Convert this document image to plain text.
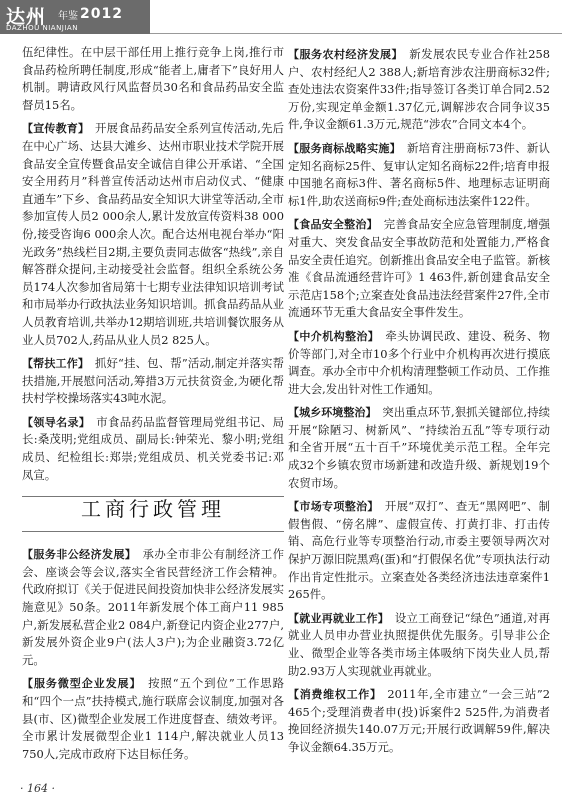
达州 年鉴 2012
DAZHOU NIANJIAN
伍纪律性。在中层干部任用上推行竞争上岗,推行市食品药检所聘任制度,形成“能者上,庸者下”良好用人机制。聘请政风行风监督员30名和食品药品安全监督员15名。
【宣传教育】  开展食品药品安全系列宣传活动,先后在中心广场、达县大滩乡、达州市职业技术学院开展食品安全宣传暨食品安全诚信自律公开承诺、“全国安全用药月”科普宣传活动达州市启动仪式、“健康直通车”下乡、食品药品安全知识大讲堂等活动,全市参加宣传人员2 000余人,累计发放宣传资料38 000份,接受咨询6 000余人次。配合达州电视台举办“阳光政务”热线栏目2期,主要负责同志做客“热线”,亲自解答群众提问,主动接受社会监督。组织全系统公务员174人次参加省局第十七期专业法律知识培训考试和市局举办行政执法业务知识培训。抓食品药品从业人员教育培训,共举办12期培训班,共培训餐饮服务从业人员702人,药品从业人员2 825人。
【帮扶工作】  抓好“挂、包、帮”活动,制定并落实帮扶措施,开展慰问活动,筹措3万元扶贫资金,为硬化帮扶村学校操场落实43吨水泥。
【领导名录】  市食品药品监督管理局党组书记、局长:桑茂明;党组成员、副局长:钟荣光、黎小明;党组成员、纪检组长:郑崇;党组成员、机关党委书记:邓凤宣。
工商行政管理
【服务非公经济发展】  承办全市非公有制经济工作会、座谈会等会议,落实全省民营经济工作会精神。代政府拟订《关于促进民间投资加快非公经济发展实施意见》50条。2011年新发展个体工商户11 985户,新发展私营企业2 084户,新登记内资企业277户,新发展外资企业9户(法人3户);为企业融资3.72亿元。
【服务微型企业发展】  按照“五个到位”工作思路和“四个一点”扶持模式,施行联席会议制度,加强对各县(市、区)微型企业发展工作进度督查、绩效考评。全市累计发展微型企业1 114户,解决就业人员13 750人,完成市政府下达目标任务。
【服务农村经济发展】  新发展农民专业合作社258户、农村经纪人2 388人;新培育涉农注册商标32件;查处违法农资案件33件;指导签订各类订单合同2.52万份,实现定单金额1.37亿元,调解涉农合同争议35件,争议金额61.3万元,规范“涉农”合同文本4个。
【服务商标战略实施】  新培育注册商标73件、新认定知名商标25件、复审认定知名商标22件;培育申报中国驰名商标3件、著名商标5件、地理标志证明商标1件,助农送商标9件;查处商标违法案件122件。
【食品安全整治】  完善食品安全应急管理制度,增强对重大、突发食品安全事故防范和处置能力,严格食品安全责任追究。创新推出食品安全电子监管。新核准《食品流通经营许可》1 463件,新创建食品安全示范店158个;立案查处食品违法经营案件27件,全市流通环节无重大食品安全事件发生。
【中介机构整治】  牵头协调民政、建设、税务、物价等部门,对全市10多个行业中介机构再次进行摸底调查。承办全市中介机构清理整顿工作动员、工作推进大会,发出针对性工作通知。
【城乡环境整治】  突出重点环节,狠抓关键部位,持续开展“除陋习、树新风”、“持续治五乱”等专项行动和全省开展“五十百千”环境优美示范工程。全年完成32个乡镇农贸市场新建和改造升级、新规划19个农贸市场。
【市场专项整治】  开展“双打”、查无“黑网吧”、制假售假、“傍名牌”、虚假宣传、打黄打非、打击传销、高危行业等专项整治行动,市委主要领导两次对保护万源旧院黑鸡(蛋)和“打假保名优”专项执法行动作出肯定性批示。立案查处各类经济违法违章案件1 265件。
【就业再就业工作】  设立工商登记“绿色”通道,对再就业人员申办营业执照提供优先服务。引导非公企业、微型企业等各类市场主体吸纳下岗失业人员,帮助2.93万人实现就业再就业。
【消费维权工作】  2011年,全市建立“一会三站”2 465个;受理消费者申(投)诉案件2 525件,为消费者挽回经济损失140.07万元;开展行政调解59件,解决争议金额64.35万元。
· 164 ·
